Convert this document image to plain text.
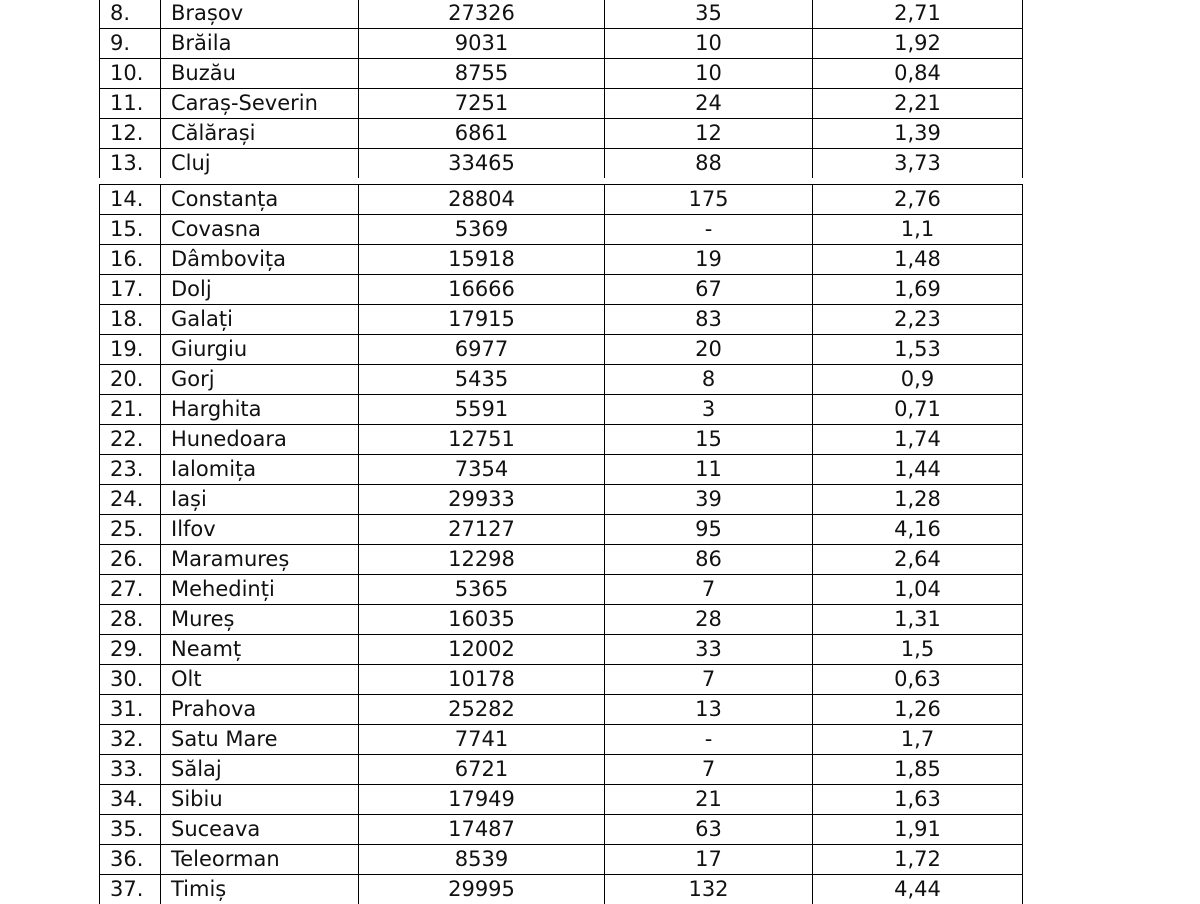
8.	Brașov	27326	35	2,71
9.	Brăila	9031	10	1,92
10.	Buzău	8755	10	0,84
11.	Caraș-Severin	7251	24	2,21
12.	Călărași	6861	12	1,39
13.	Cluj	33465	88	3,73
14.	Constanța	28804	175	2,76
15.	Covasna	5369	-	1,1
16.	Dâmbovița	15918	19	1,48
17.	Dolj	16666	67	1,69
18.	Galați	17915	83	2,23
19.	Giurgiu	6977	20	1,53
20.	Gorj	5435	8	0,9
21.	Harghita	5591	3	0,71
22.	Hunedoara	12751	15	1,74
23.	Ialomița	7354	11	1,44
24.	Iași	29933	39	1,28
25.	Ilfov	27127	95	4,16
26.	Maramureș	12298	86	2,64
27.	Mehedinți	5365	7	1,04
28.	Mureș	16035	28	1,31
29.	Neamț	12002	33	1,5
30.	Olt	10178	7	0,63
31.	Prahova	25282	13	1,26
32.	Satu Mare	7741	-	1,7
33.	Sălaj	6721	7	1,85
34.	Sibiu	17949	21	1,63
35.	Suceava	17487	63	1,91
36.	Teleorman	8539	17	1,72
37.	Timiș	29995	132	4,44
